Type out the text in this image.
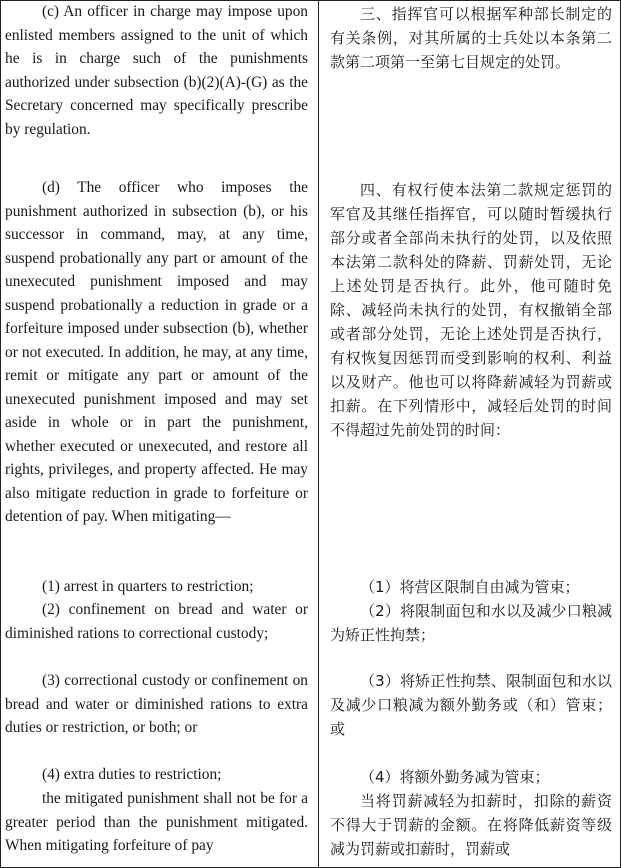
(c) An officer in charge may impose upon enlisted members assigned to the unit of which he is in charge such of the punishments authorized under subsection (b)(2)(A)-(G) as the Secretary concerned may specifically prescribe by regulation.

(d) The officer who imposes the punishment authorized in subsection (b), or his successor in command, may, at any time, suspend probationally any part or amount of the unexecuted punishment imposed and may suspend probationally a reduction in grade or a forfeiture imposed under subsection (b), whether or not executed. In addition, he may, at any time, remit or mitigate any part or amount of the unexecuted punishment imposed and may set aside in whole or in part the punishment, whether executed or unexecuted, and restore all rights, privileges, and property affected. He may also mitigate reduction in grade to forfeiture or detention of pay. When mitigating—

(1) arrest in quarters to restriction;

(2) confinement on bread and water or diminished rations to correctional custody;

(3) correctional custody or confinement on bread and water or diminished rations to extra duties or restriction, or both; or

(4) extra duties to restriction;

the mitigated punishment shall not be for a greater period than the punishment mitigated. When mitigating forfeiture of pay

三、指挥官可以根据军种部长制定的有关条例，对其所属的士兵处以本条第二款第二项第一至第七目规定的处罚。

四、有权行使本法第二款规定惩罚的军官及其继任指挥官，可以随时暂缓执行部分或者全部尚未执行的处罚，以及依照本法第二款科处的降薪、罚薪处罚，无论上述处罚是否执行。此外，他可随时免除、减轻尚未执行的处罚，有权撤销全部或者部分处罚，无论上述处罚是否执行，有权恢复因惩罚而受到影响的权利、利益以及财产。他也可以将降薪减轻为罚薪或扣薪。在下列情形中，减轻后处罚的时间不得超过先前处罚的时间：

（1）将营区限制自由减为管束；

（2）将限制面包和水以及减少口粮减为矫正性拘禁；

（3）将矫正性拘禁、限制面包和水以及减少口粮减为额外勤务或（和）管束；或

（4）将额外勤务减为管束；

当将罚薪减轻为扣薪时，扣除的薪资不得大于罚薪的金额。在将降低薪资等级减为罚薪或扣薪时，罚薪或
